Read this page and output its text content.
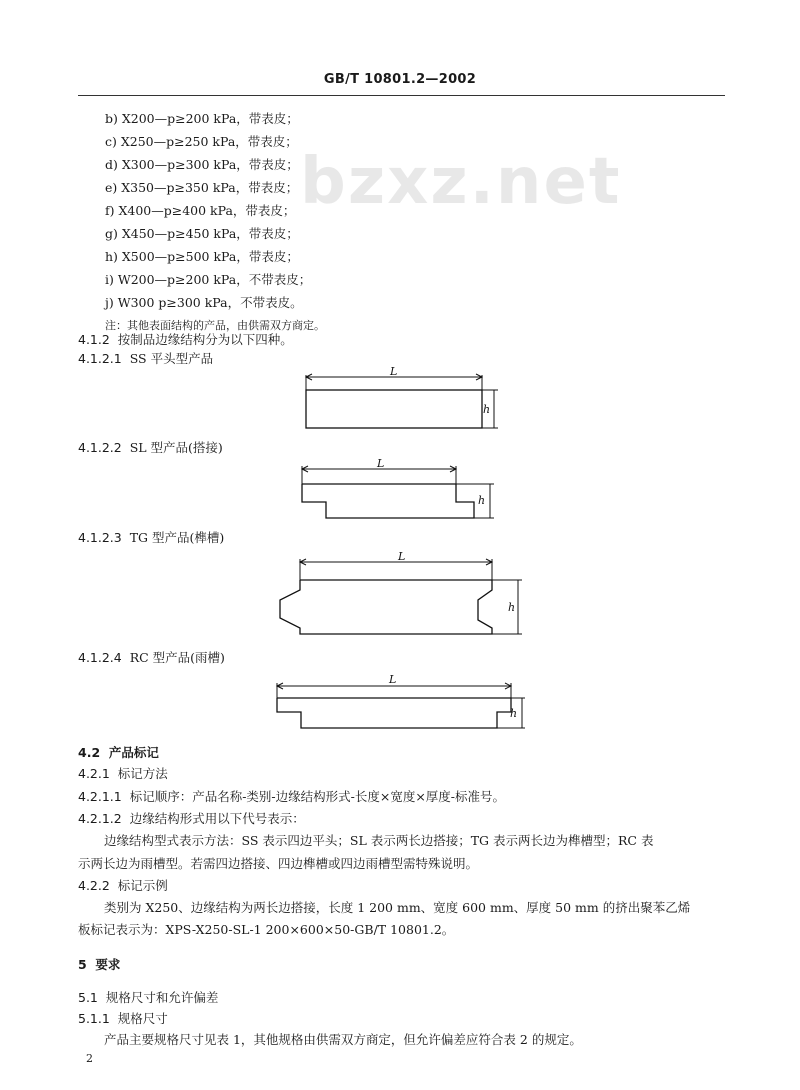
GB/T 10801.2—2002
bzxz.net
b) X200—p≥200 kPa，带表皮；
c) X250—p≥250 kPa，带表皮；
d) X300—p≥300 kPa，带表皮；
e) X350—p≥350 kPa，带表皮；
f) X400—p≥400 kPa，带表皮；
g) X450—p≥450 kPa，带表皮；
h) X500—p≥500 kPa，带表皮；
i) W200—p≥200 kPa，不带表皮；
j) W300 p≥300 kPa，不带表皮。
注：其他表面结构的产品，由供需双方商定。
4.1.2 按制品边缘结构分为以下四种。
4.1.2.1 SS 平头型产品
L
h
4.1.2.2 SL 型产品(搭接)
L
h
4.1.2.3 TG 型产品(榫槽)
L
h
4.1.2.4 RC 型产品(雨槽)
L
h
4.2 产品标记
4.2.1 标记方法
4.2.1.1 标记顺序：产品名称-类别-边缘结构形式-长度×宽度×厚度-标准号。
4.2.1.2 边缘结构形式用以下代号表示：
边缘结构型式表示方法：SS 表示四边平头；SL 表示两长边搭接；TG 表示两长边为榫槽型；RC 表
示两长边为雨槽型。若需四边搭接、四边榫槽或四边雨槽型需特殊说明。
4.2.2 标记示例
类别为 X250、边缘结构为两长边搭接，长度 1 200 mm、宽度 600 mm、厚度 50 mm 的挤出聚苯乙烯
板标记表示为：XPS-X250-SL-1 200×600×50-GB/T 10801.2。
5 要求
5.1 规格尺寸和允许偏差
5.1.1 规格尺寸
产品主要规格尺寸见表 1，其他规格由供需双方商定，但允许偏差应符合表 2 的规定。
2
